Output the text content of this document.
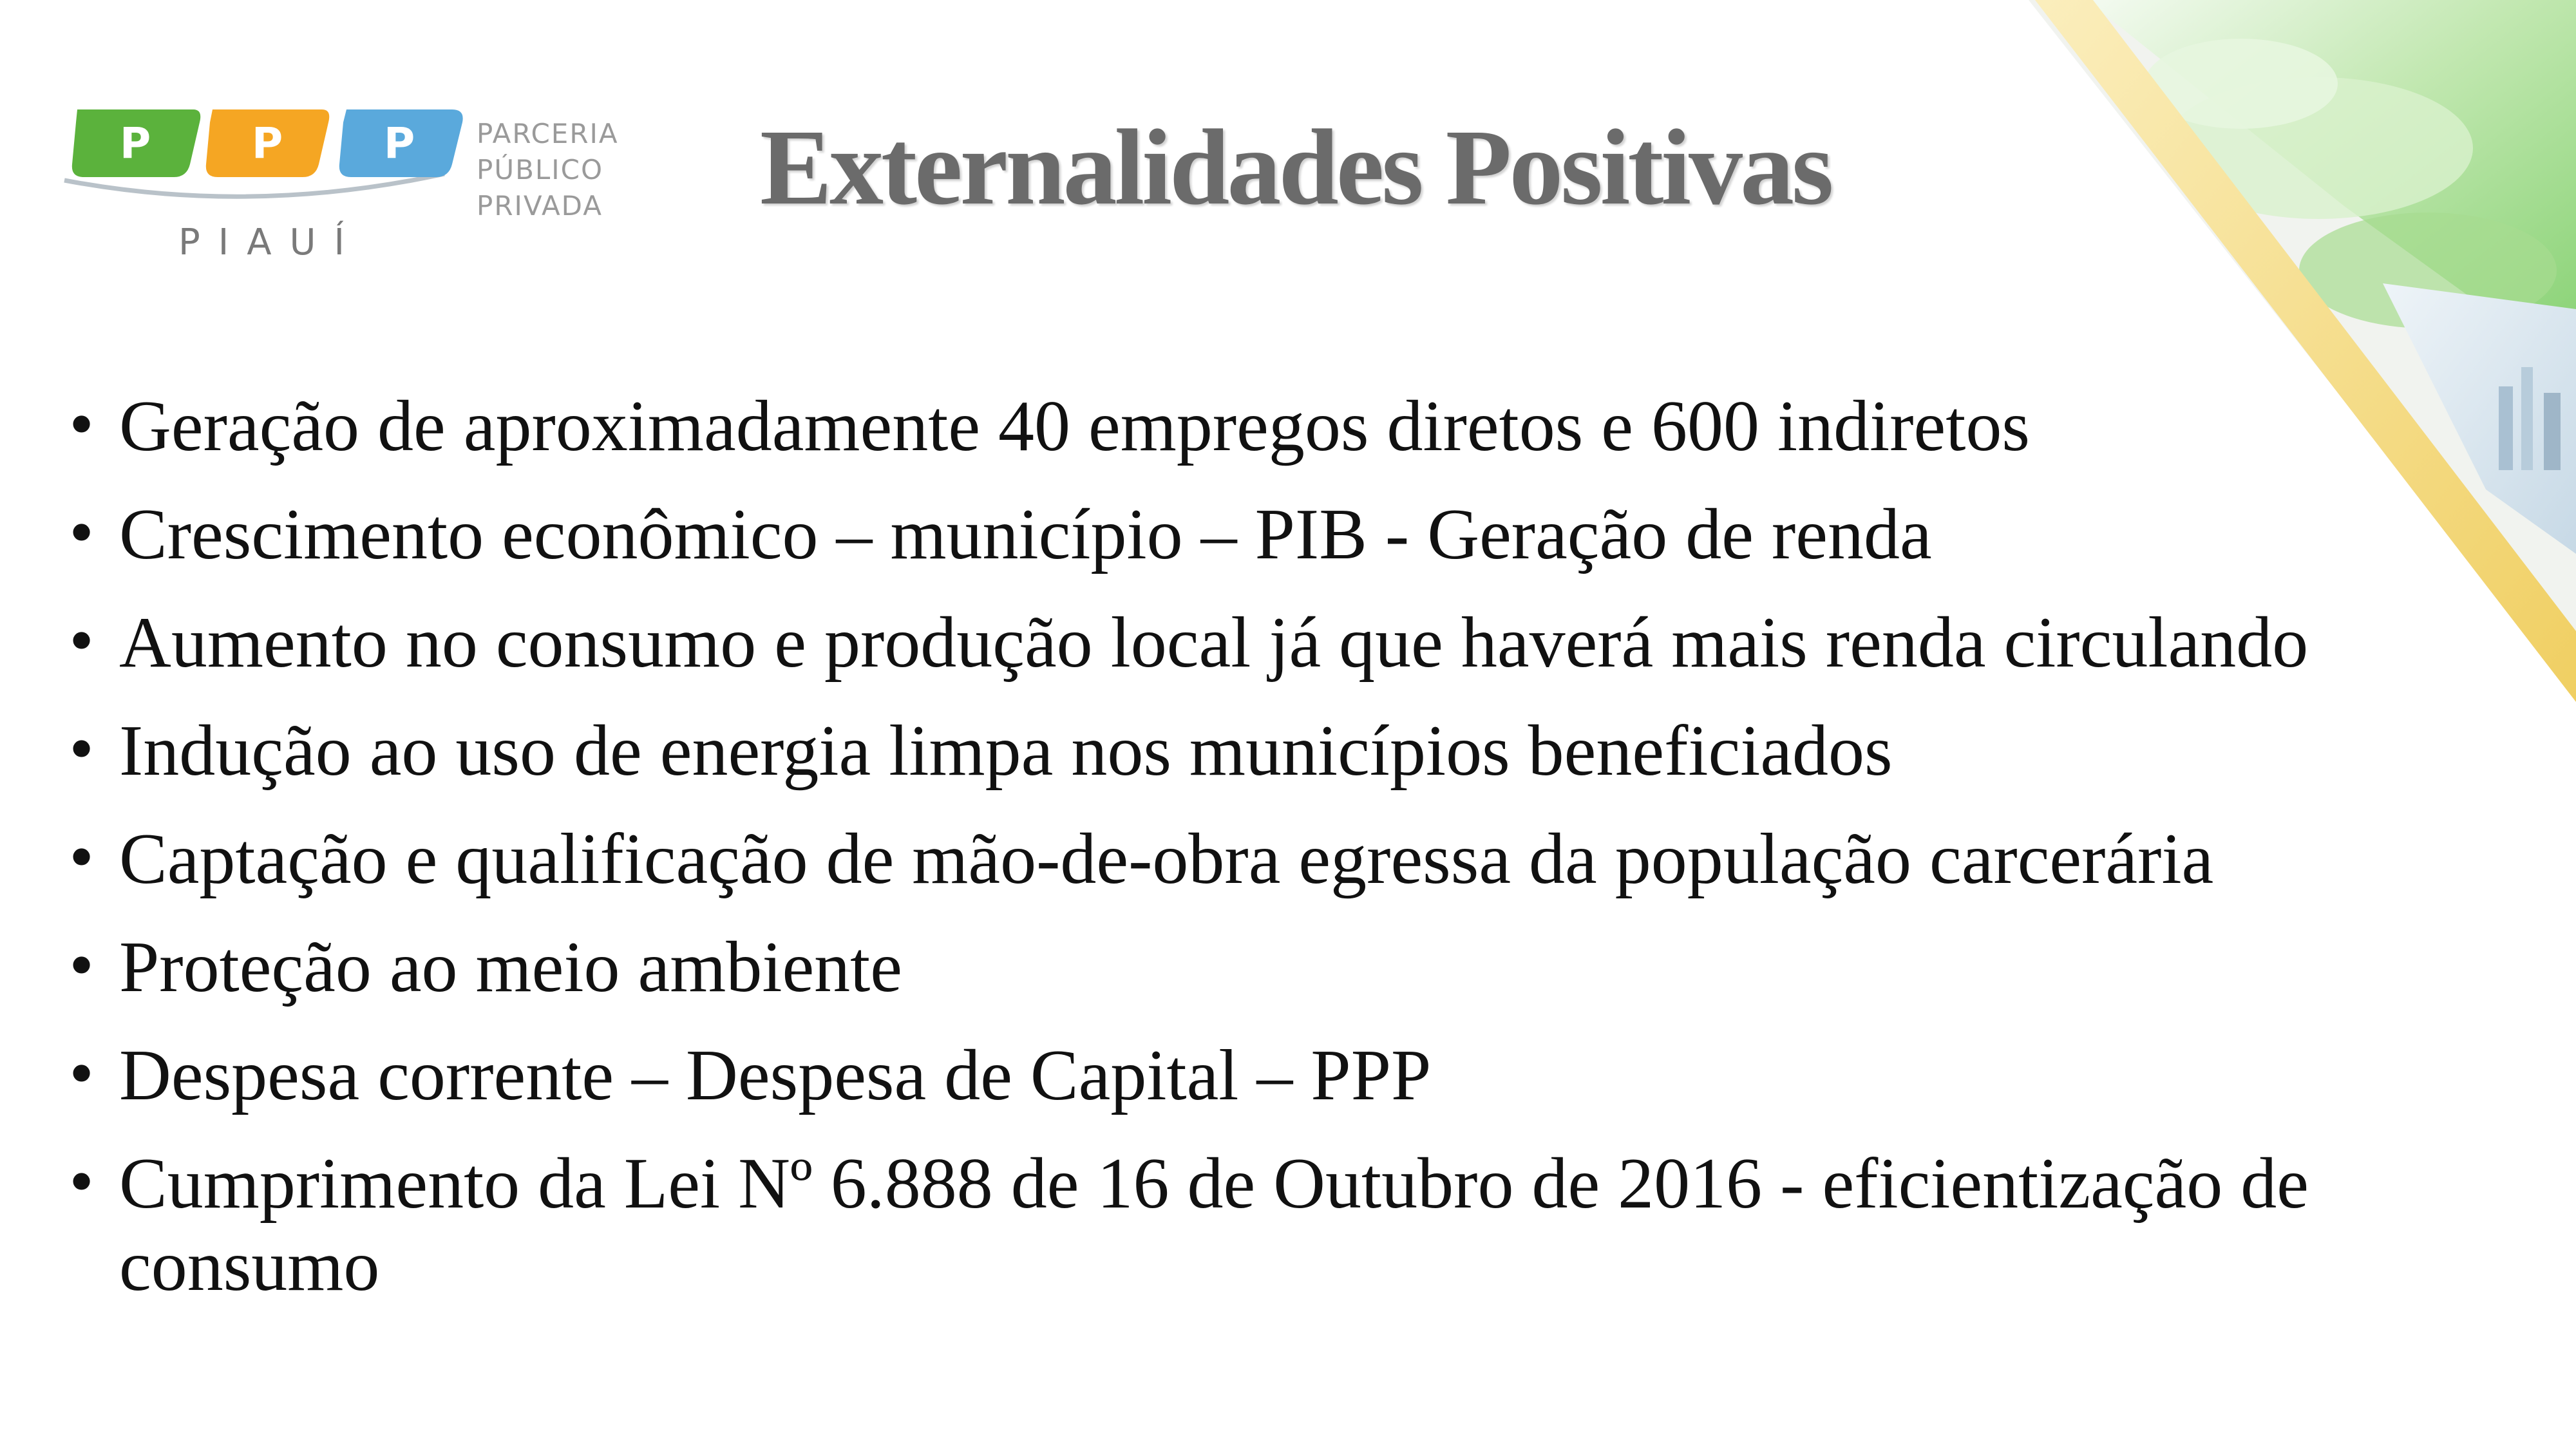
P P P
PIAUÍ
PARCERIA
PÚBLICO
PRIVADA Externalidades Positivas
• Geração de aproximadamente 40 empregos diretos e 600 indiretos
• Crescimento econômico – município – PIB - Geração de renda
• Aumento no consumo e produção local já que haverá mais renda circulando
• Indução ao uso de energia limpa nos municípios beneficiados
• Captação e qualificação de mão-de-obra egressa da população carcerária
• Proteção ao meio ambiente
• Despesa corrente – Despesa de Capital – PPP
• Cumprimento da Lei Nº 6.888 de 16 de Outubro de 2016 - eficientização de consumo
